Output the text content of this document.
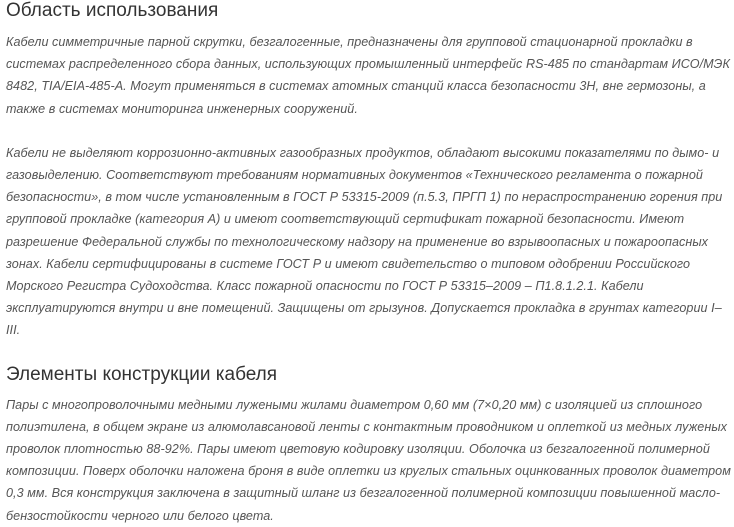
Область использования

Кабели симметричные парной скрутки, безгалогенные, предназначены для групповой стационарной прокладки в системах распределенного сбора данных, использующих промышленный интерфейс RS-485 по стандартам ИСО/МЭК 8482, TIA/EIA-485-A. Могут применяться в системах атомных станций класса безопасности 3Н, вне гермозоны, а также в системах мониторинга инженерных сооружений.

Кабели не выделяют коррозионно-активных газообразных продуктов, обладают высокими показателями по дымо- и газовыделению. Соответствуют требованиям нормативных документов «Технического регламента о пожарной безопасности», в том числе установленным в ГОСТ Р 53315-2009 (п.5.3, ПРГП 1) по нераспространению горения при групповой прокладке (категория А) и имеют соответствующий сертификат пожарной безопасности. Имеют разрешение Федеральной службы по технологическому надзору на применение во взрывоопасных и пожароопасных зонах. Кабели сертифицированы в системе ГОСТ Р и имеют свидетельство о типовом одобрении Российского Морского Регистра Судоходства. Класс пожарной опасности по ГОСТ Р 53315–2009 – П1.8.1.2.1. Кабели эксплуатируются внутри и вне помещений. Защищены от грызунов. Допускается прокладка в грунтах категории I–III.

Элементы конструкции кабеля

Пары с многопроволочными медными лужеными жилами диаметром 0,60 мм (7×0,20 мм) с изоляцией из сплошного полиэтилена, в общем экране из алюмолавсановой ленты с контактным проводником и оплеткой из медных луженых проволок плотностью 88-92%. Пары имеют цветовую кодировку изоляции. Оболочка из безгалогенной полимерной композиции. Поверх оболочки наложена броня в виде оплетки из круглых стальных оцинкованных проволок диаметром 0,3 мм. Вся конструкция заключена в защитный шланг из безгалогенной полимерной композиции повышенной масло-бензостойкости черного или белого цвета.
